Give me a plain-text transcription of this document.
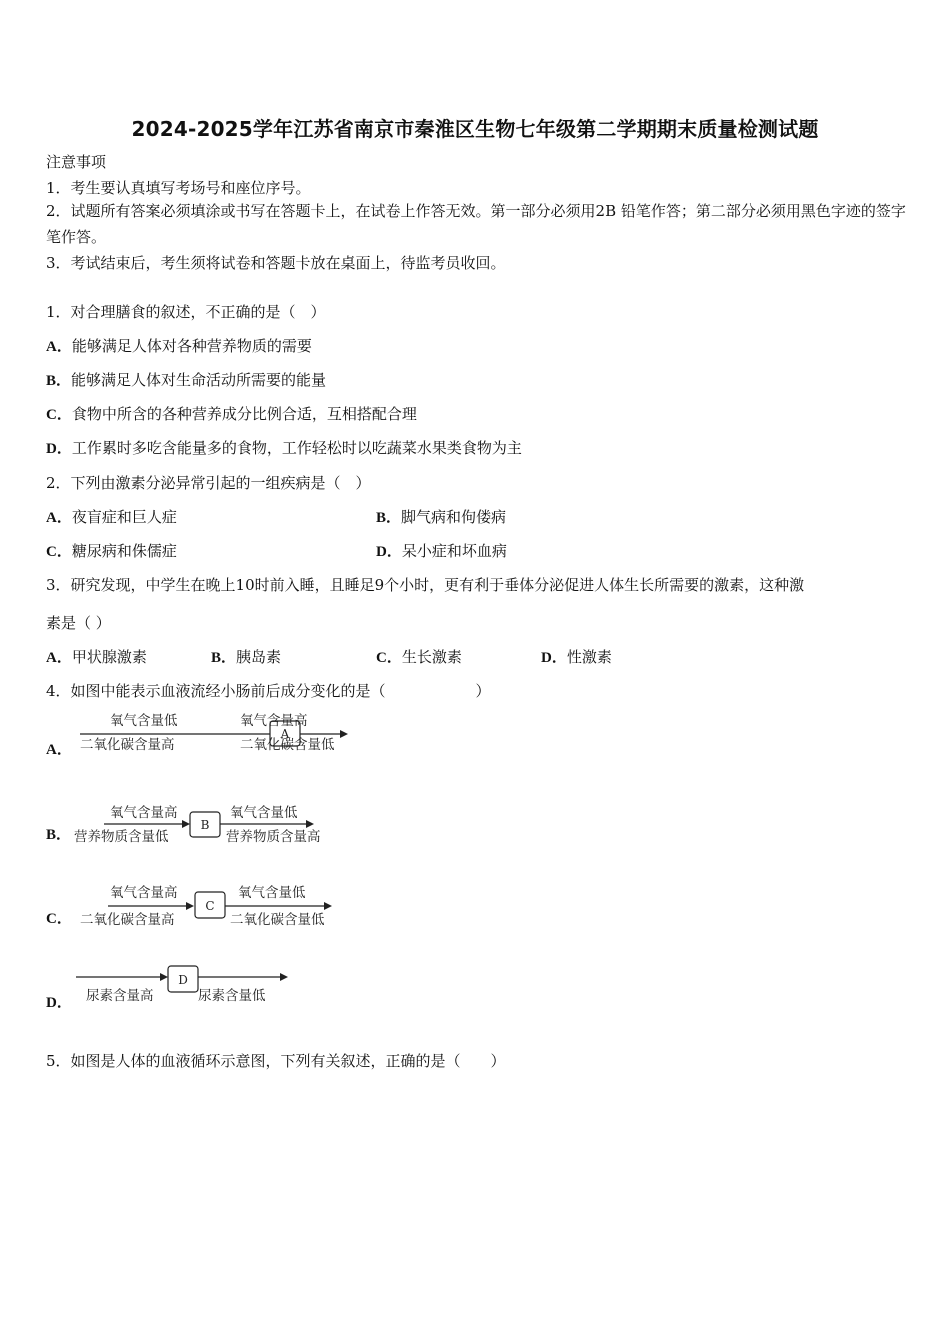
2024-2025学年江苏省南京市秦淮区生物七年级第二学期期末质量检测试题
注意事项
1．考生要认真填写考场号和座位序号。
2．试题所有答案必须填涂或书写在答题卡上，在试卷上作答无效。第一部分必须用2B 铅笔作答；第二部分必须用黑色字迹的签字笔作答。
3．考试结束后，考生须将试卷和答题卡放在桌面上，待监考员收回。
1．对合理膳食的叙述，不正确的是（　）
A．能够满足人体对各种营养物质的需要
B．能够满足人体对生命活动所需要的能量
C．食物中所含的各种营养成分比例合适，互相搭配合理
D．工作累时多吃含能量多的食物，工作轻松时以吃蔬菜水果类食物为主
2．下列由激素分泌异常引起的一组疾病是（　）
A．夜盲症和巨人症	B．脚气病和佝偻病
C．糖尿病和侏儒症	D．呆小症和坏血病
3．研究发现，中学生在晚上10时前入睡，且睡足9个小时，更有利于垂体分泌促进人体生长所需要的激素，这种激
素是（ ）
A．甲状腺激素	B．胰岛素	C．生长激素	D．性激素
4．如图中能表示血液流经小肠前后成分变化的是（　　　　　　）
A．
A
氧气含量低
二氧化碳含量高
氧气含量高
二氧化碳含量低
B．
B
氧气含量高
营养物质含量低
氧气含量低
营养物质含量高
C．
C
氧气含量高
二氧化碳含量高
氧气含量低
二氧化碳含量低
D．
D
尿素含量高	尿素含量低
5．如图是人体的血液循环示意图，下列有关叙述，正确的是（　　）
